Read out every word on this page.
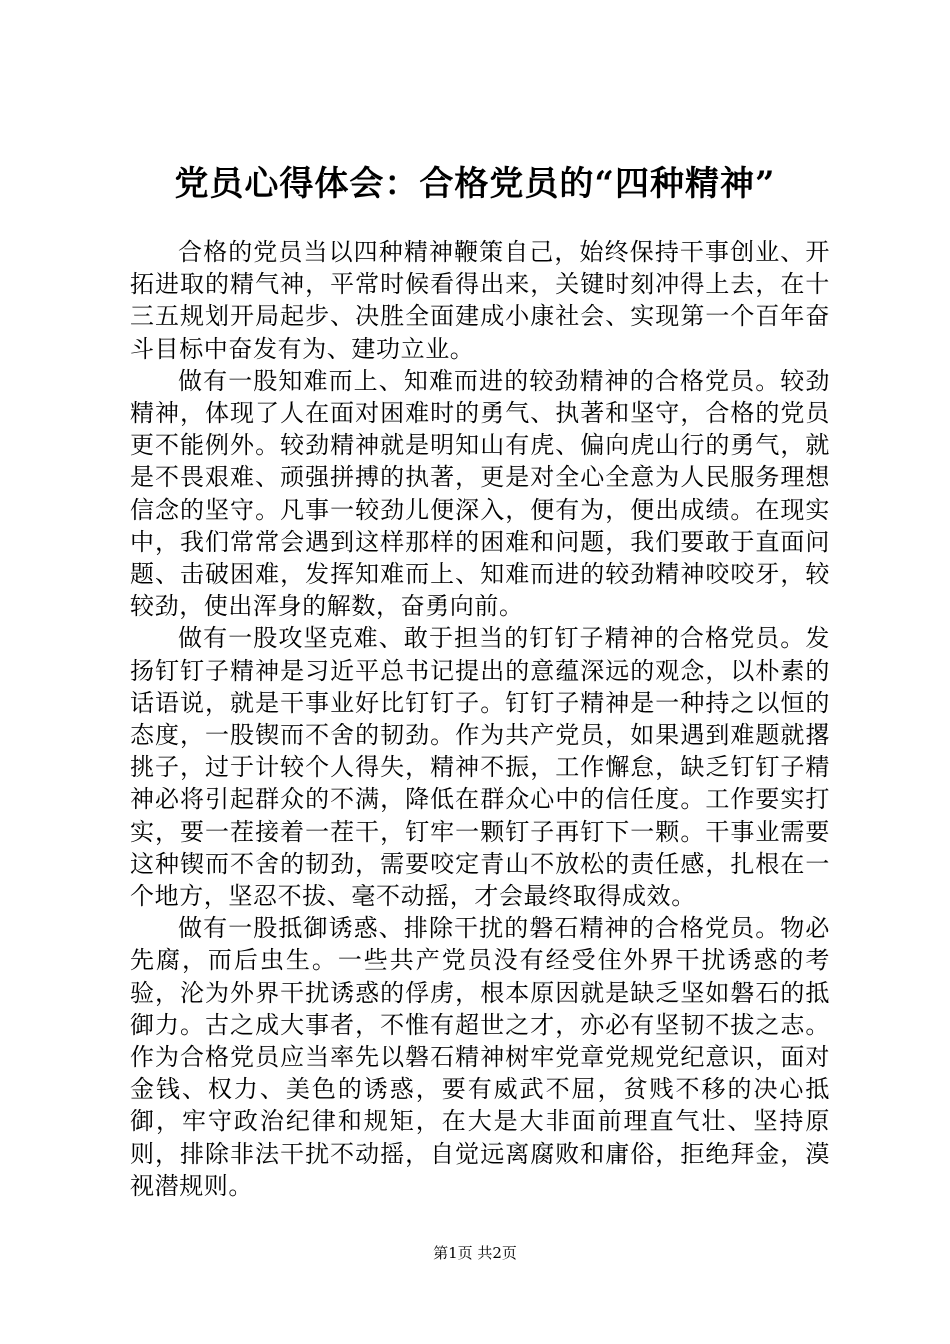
党员心得体会：合格党员的“四种精神”

合格的党员当以四种精神鞭策自己，始终保持干事创业、开拓进取的精气神，平常时候看得出来，关键时刻冲得上去，在十三五规划开局起步、决胜全面建成小康社会、实现第一个百年奋斗目标中奋发有为、建功立业。

做有一股知难而上、知难而进的较劲精神的合格党员。较劲精神，体现了人在面对困难时的勇气、执著和坚守，合格的党员更不能例外。较劲精神就是明知山有虎、偏向虎山行的勇气，就是不畏艰难、顽强拼搏的执著，更是对全心全意为人民服务理想信念的坚守。凡事一较劲儿便深入，便有为，便出成绩。在现实中，我们常常会遇到这样那样的困难和问题，我们要敢于直面问题、击破困难，发挥知难而上、知难而进的较劲精神咬咬牙，较较劲，使出浑身的解数，奋勇向前。

做有一股攻坚克难、敢于担当的钉钉子精神的合格党员。发扬钉钉子精神是习近平总书记提出的意蕴深远的观念，以朴素的话语说，就是干事业好比钉钉子。钉钉子精神是一种持之以恒的态度，一股锲而不舍的韧劲。作为共产党员，如果遇到难题就撂挑子，过于计较个人得失，精神不振，工作懈怠，缺乏钉钉子精神必将引起群众的不满，降低在群众心中的信任度。工作要实打实，要一茬接着一茬干，钉牢一颗钉子再钉下一颗。干事业需要这种锲而不舍的韧劲，需要咬定青山不放松的责任感，扎根在一个地方，坚忍不拔、毫不动摇，才会最终取得成效。

做有一股抵御诱惑、排除干扰的磐石精神的合格党员。物必先腐，而后虫生。一些共产党员没有经受住外界干扰诱惑的考验，沦为外界干扰诱惑的俘虏，根本原因就是缺乏坚如磐石的抵御力。古之成大事者，不惟有超世之才，亦必有坚韧不拔之志。作为合格党员应当率先以磐石精神树牢党章党规党纪意识，面对金钱、权力、美色的诱惑，要有威武不屈，贫贱不移的决心抵御，牢守政治纪律和规矩，在大是大非面前理直气壮、坚持原则，排除非法干扰不动摇，自觉远离腐败和庸俗，拒绝拜金，漠视潜规则。

第1页 共2页
